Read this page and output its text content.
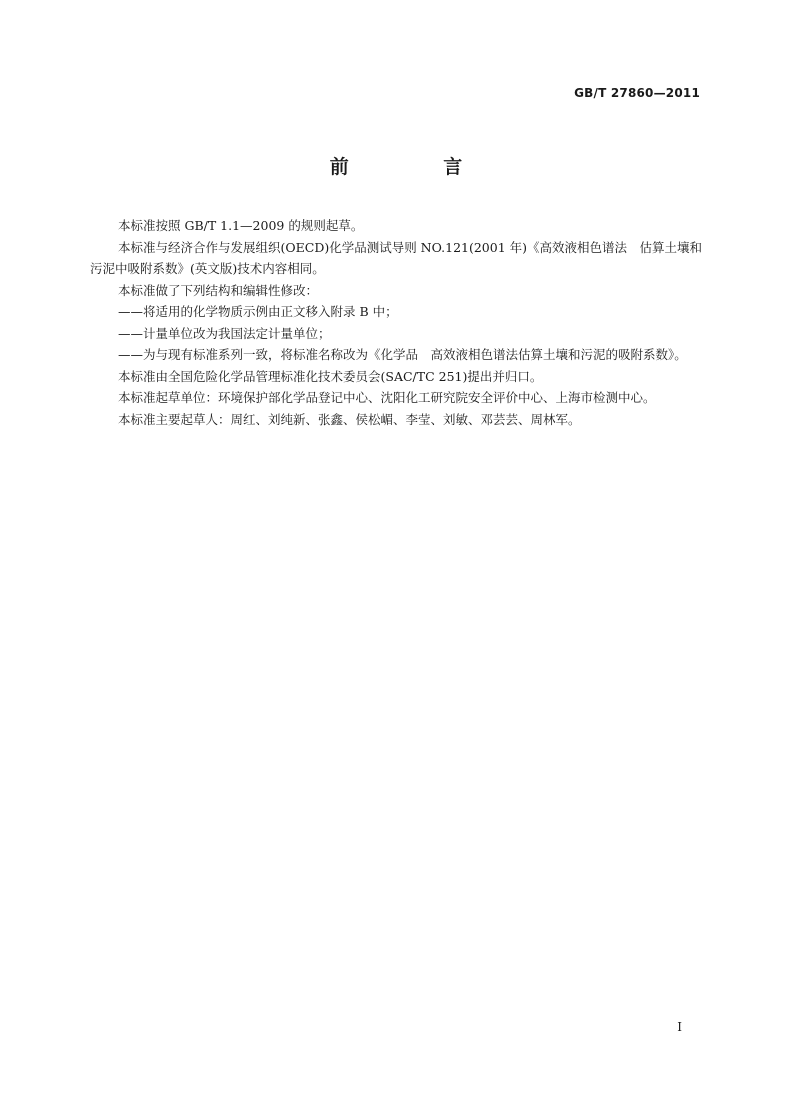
GB/T 27860—2011
前 言

本标准按照 GB/T 1.1—2009 的规则起草。

本标准与经济合作与发展组织(OECD)化学品测试导则 NO.121(2001 年)《高效液相色谱法　估算土壤和污泥中吸附系数》(英文版)技术内容相同。

本标准做了下列结构和编辑性修改：

——将适用的化学物质示例由正文移入附录 B 中；

——计量单位改为我国法定计量单位；

——为与现有标准系列一致，将标准名称改为《化学品　高效液相色谱法估算土壤和污泥的吸附系数》。

本标准由全国危险化学品管理标准化技术委员会(SAC/TC 251)提出并归口。

本标准起草单位：环境保护部化学品登记中心、沈阳化工研究院安全评价中心、上海市检测中心。

本标准主要起草人：周红、刘纯新、张鑫、侯松嵋、李莹、刘敏、邓芸芸、周林军。

I
